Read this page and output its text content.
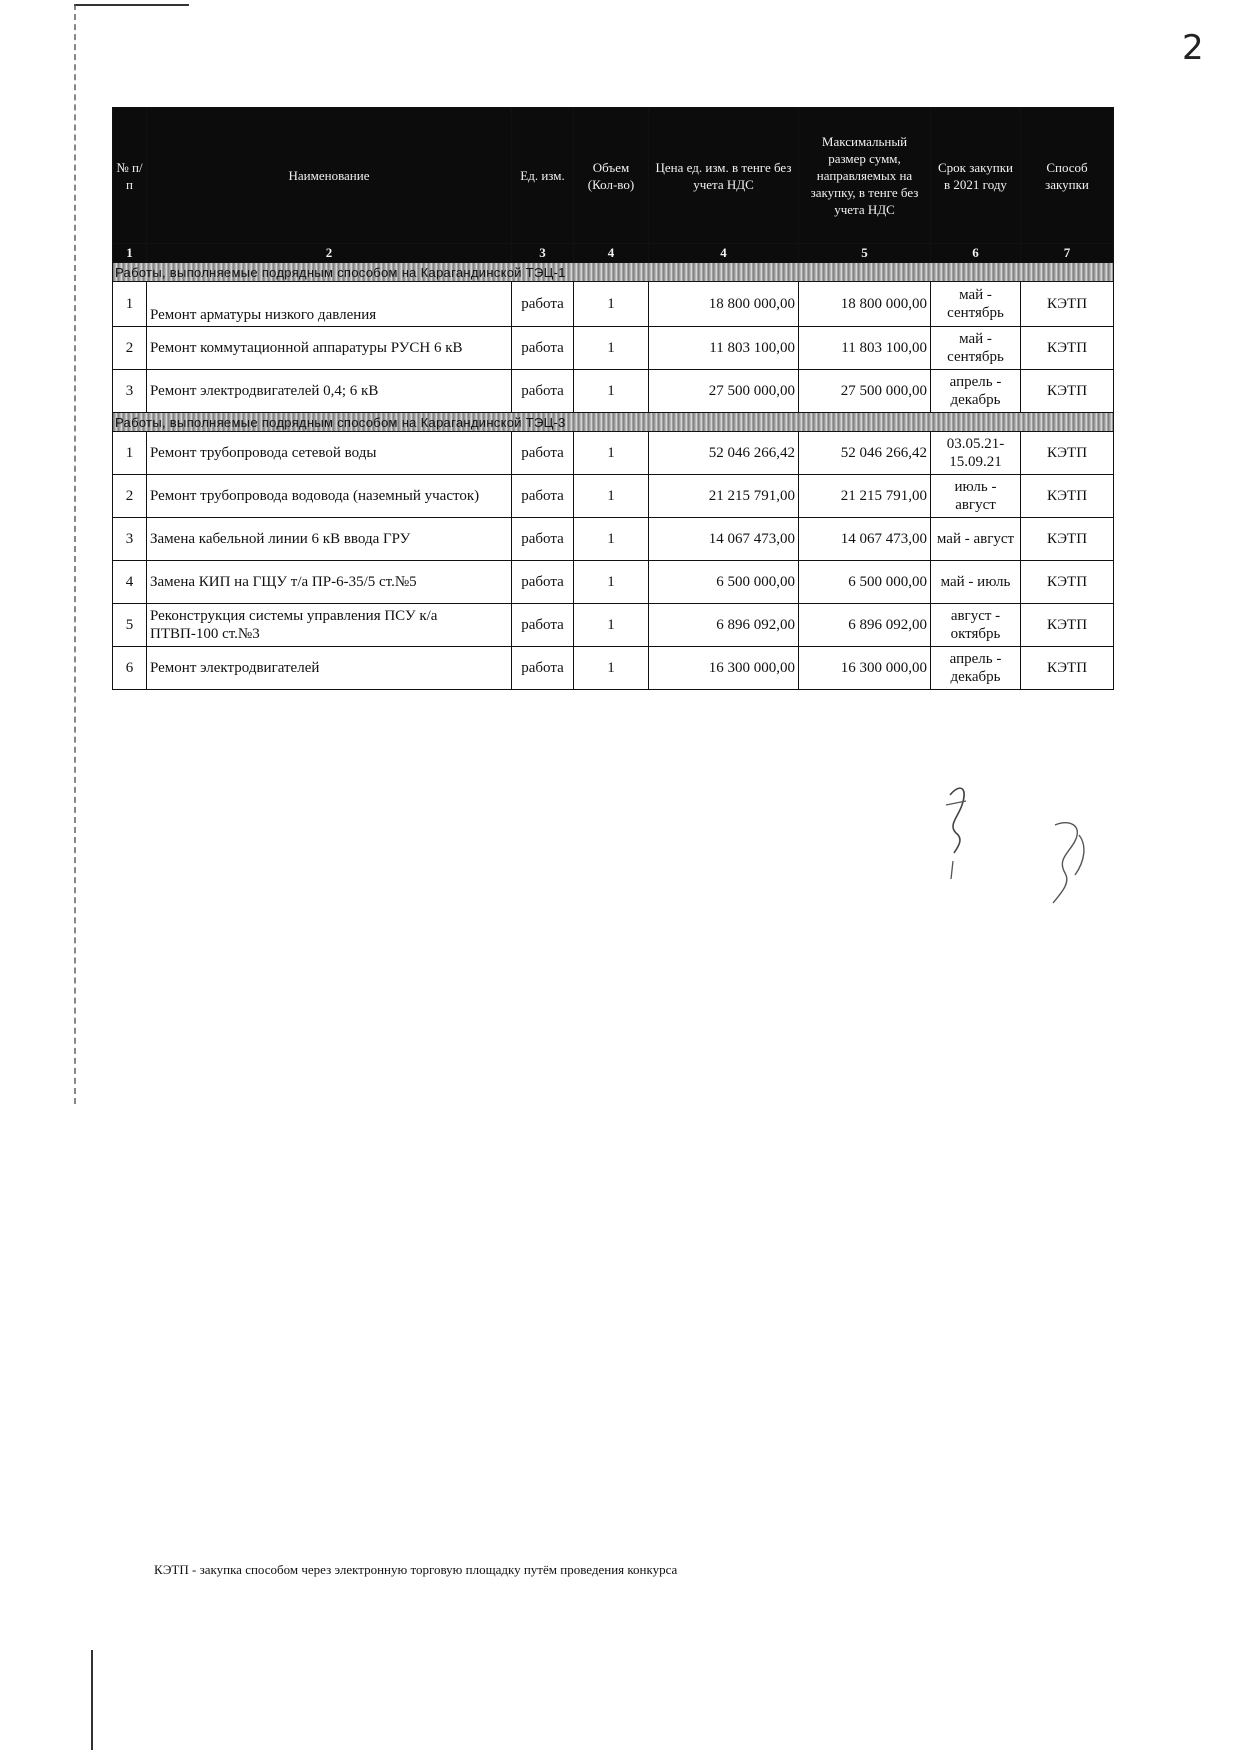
2
№ п/п	Наименование	Ед. изм.	Объем (Кол-во)	Цена ед. изм. в тенге без учета НДС	Максимальный размер сумм, направляемых на закупку, в тенге без учета НДС	Срок закупки в 2021 году	Способ закупки
1	2	3	4	4	5	6	7
Работы, выполняемые подрядным способом на Карагандинской ТЭЦ-1							
1	Ремонт арматуры низкого давления	работа	1	18 800 000,00	18 800 000,00	май - сентябрь	КЭТП
2	Ремонт коммутационной аппаратуры РУСН 6 кВ	работа	1	11 803 100,00	11 803 100,00	май - сентябрь	КЭТП
3	Ремонт электродвигателей 0,4; 6 кВ	работа	1	27 500 000,00	27 500 000,00	апрель - декабрь	КЭТП
Работы, выполняемые подрядным способом на Карагандинской ТЭЦ-3							
1	Ремонт трубопровода сетевой воды	работа	1	52 046 266,42	52 046 266,42	03.05.21- 15.09.21	КЭТП
2	Ремонт трубопровода водовода (наземный участок)	работа	1	21 215 791,00	21 215 791,00	июль - август	КЭТП
3	Замена кабельной линии 6 кВ ввода ГРУ	работа	1	14 067 473,00	14 067 473,00	май - август	КЭТП
4	Замена КИП на ГЩУ т/а ПР-6-35/5 ст.№5	работа	1	6 500 000,00	6 500 000,00	май - июль	КЭТП
5	Реконструкция системы управления ПСУ к/а ПТВП-100 ст.№3	работа	1	6 896 092,00	6 896 092,00	август - октябрь	КЭТП
6	Ремонт электродвигателей	работа	1	16 300 000,00	16 300 000,00	апрель - декабрь	КЭТП
КЭТП - закупка способом через электронную торговую площадку путём проведения конкурса
